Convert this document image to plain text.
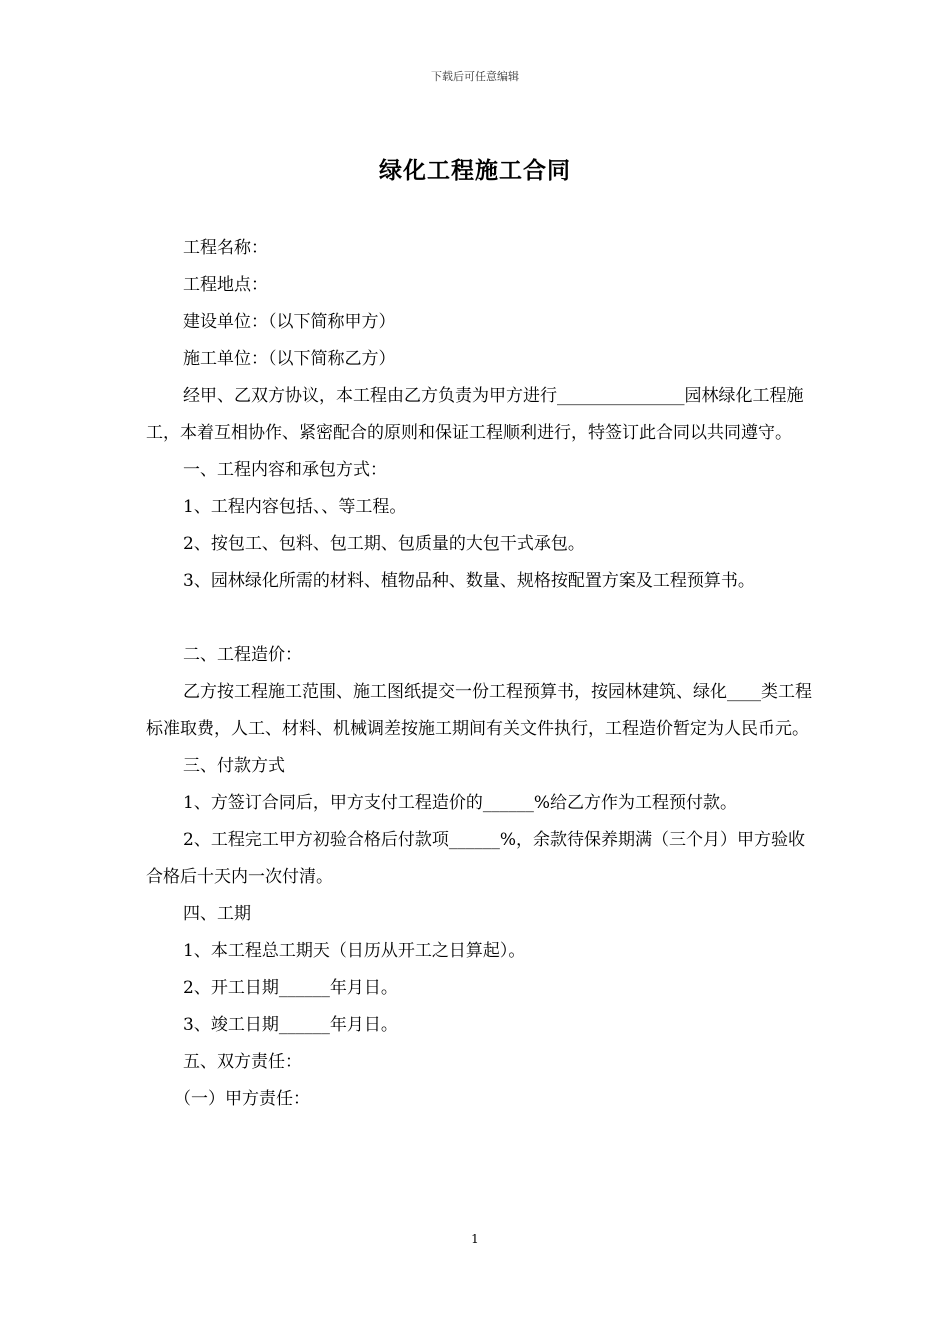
下载后可任意编辑
绿化工程施工合同

工程名称：

工程地点：

建设单位：（以下简称甲方）

施工单位：（以下简称乙方）

经甲、乙双方协议，本工程由乙方负责为甲方进行_______________园林绿化工程施工，本着互相协作、紧密配合的原则和保证工程顺利进行，特签订此合同以共同遵守。

一、工程内容和承包方式：

1、工程内容包括、、等工程。

2、按包工、包料、包工期、包质量的大包干式承包。

3、园林绿化所需的材料、植物品种、数量、规格按配置方案及工程预算书。

二、工程造价：

乙方按工程施工范围、施工图纸提交一份工程预算书，按园林建筑、绿化____类工程标准取费，人工、材料、机械调差按施工期间有关文件执行，工程造价暂定为人民币元。

三、付款方式

1、方签订合同后，甲方支付工程造价的______%给乙方作为工程预付款。

2、工程完工甲方初验合格后付款项______%，余款待保养期满（三个月）甲方验收合格后十天内一次付清。

四、工期

1、本工程总工期天（日历从开工之日算起）。

2、开工日期______年月日。

3、竣工日期______年月日。

五、双方责任：

（一）甲方责任：

1
